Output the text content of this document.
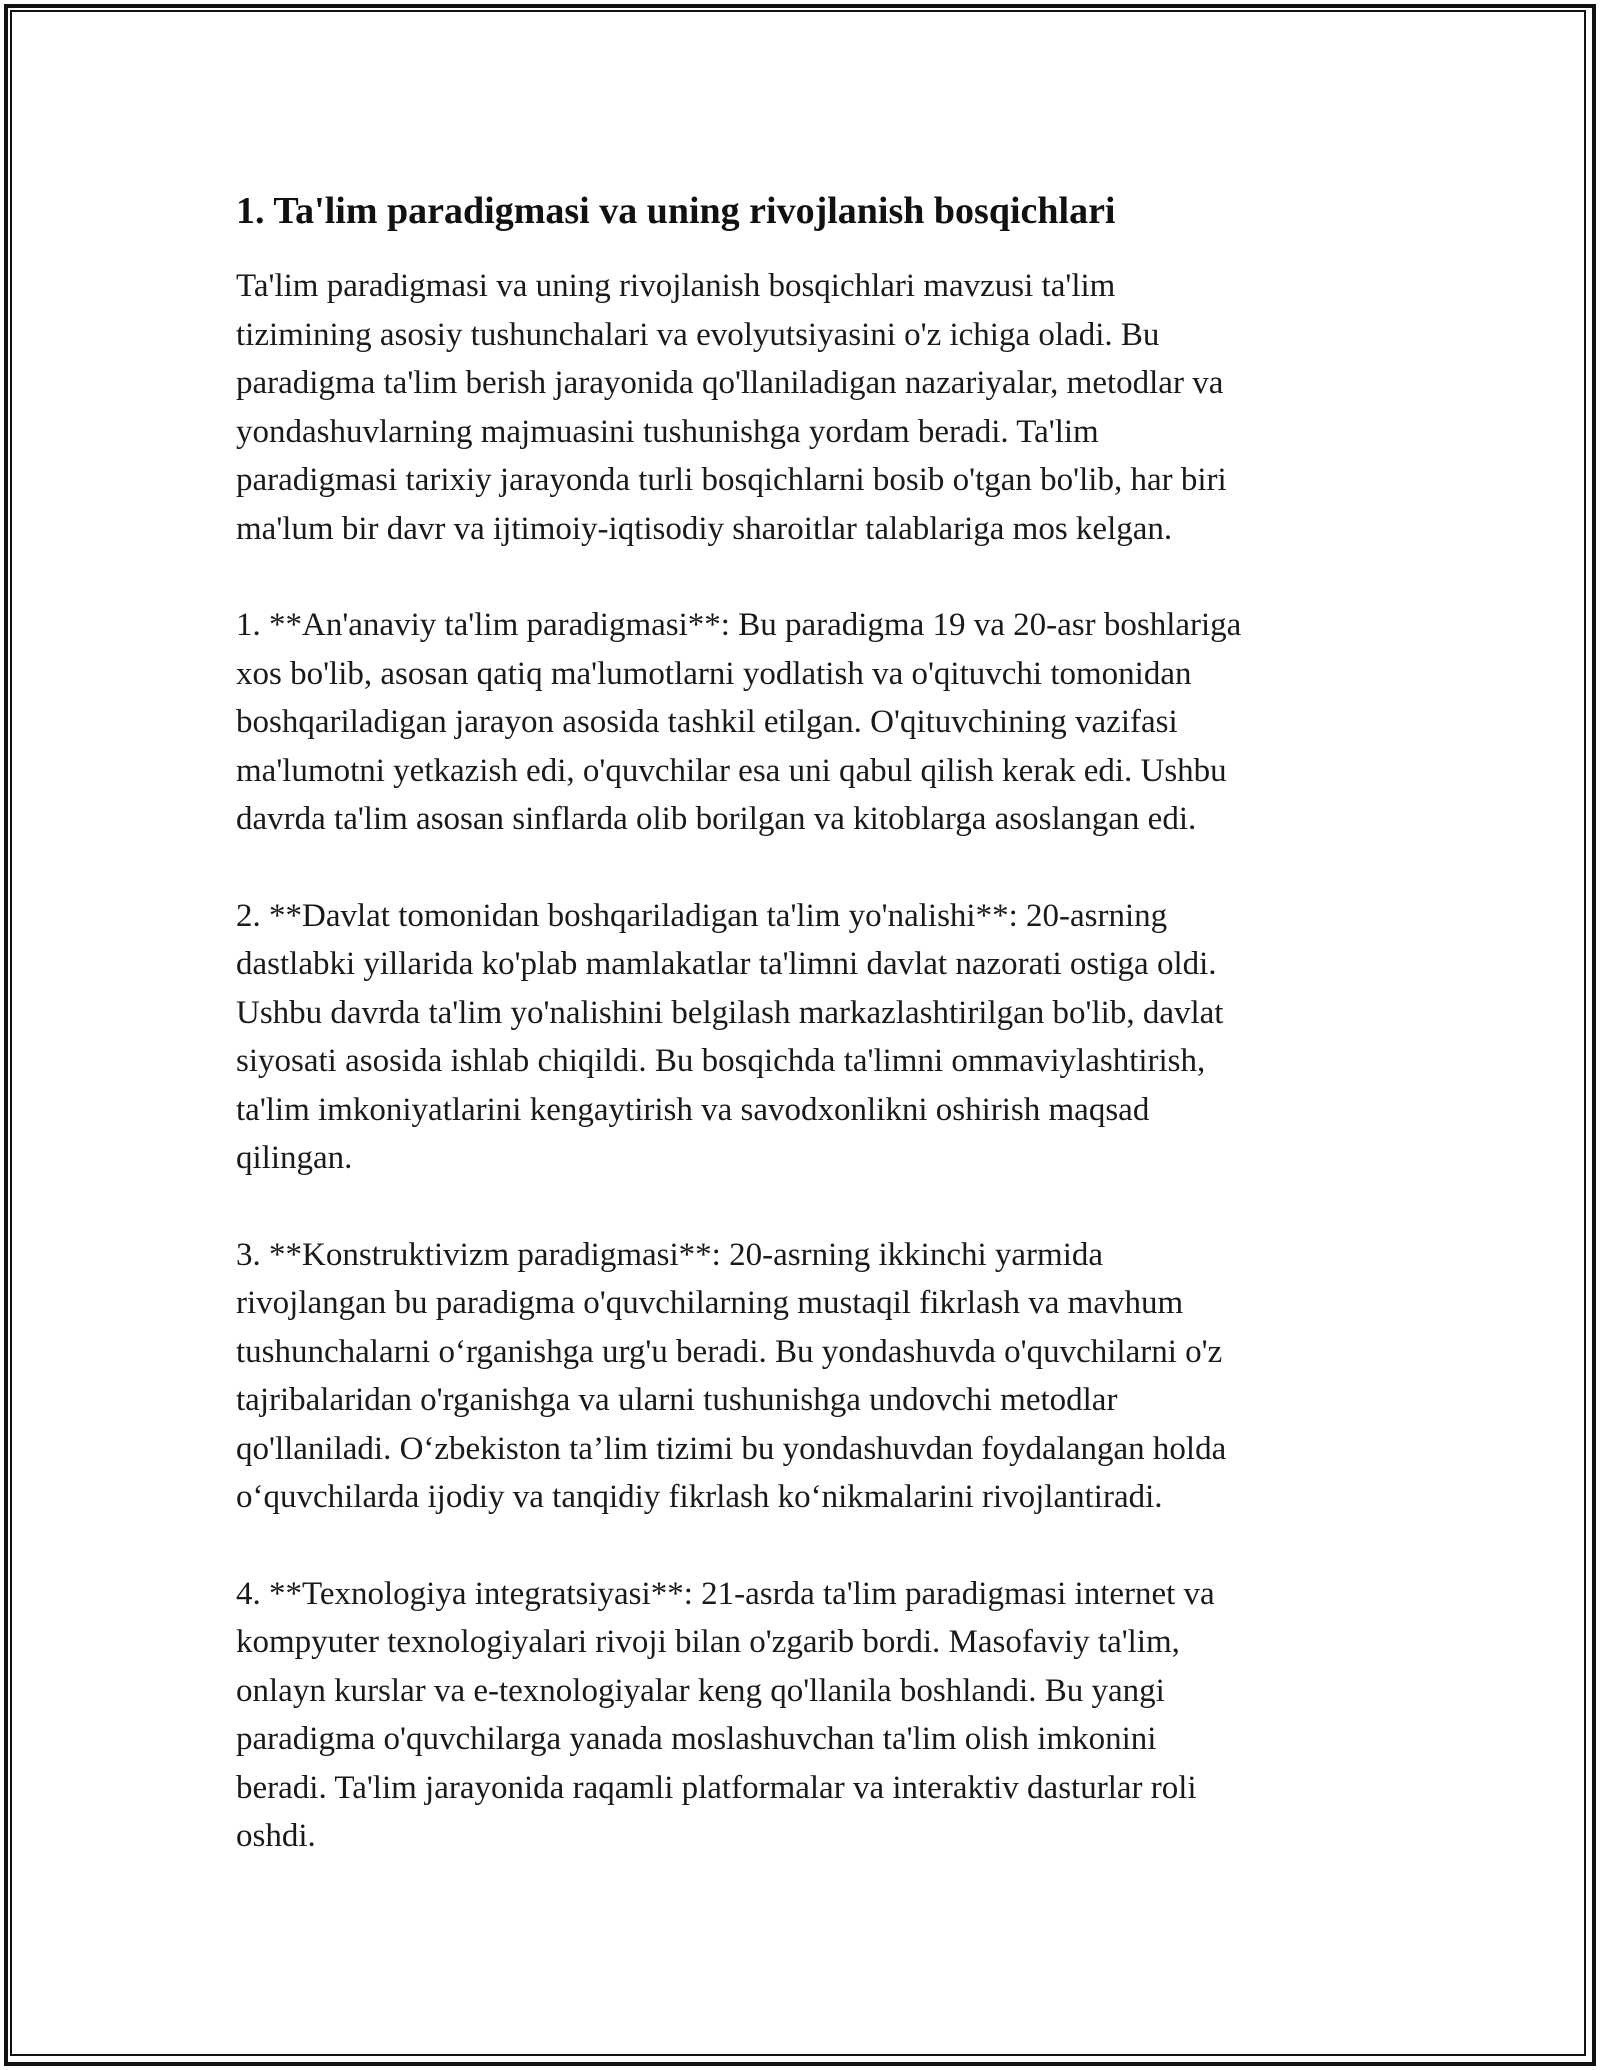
1. Ta'lim paradigmasi va uning rivojlanish bosqichlari

Ta'lim paradigmasi va uning rivojlanish bosqichlari mavzusi ta'lim
tizimining asosiy tushunchalari va evolyutsiyasini o'z ichiga oladi. Bu
paradigma ta'lim berish jarayonida qo'llaniladigan nazariyalar, metodlar va
yondashuvlarning majmuasini tushunishga yordam beradi. Ta'lim
paradigmasi tarixiy jarayonda turli bosqichlarni bosib o'tgan bo'lib, har biri
ma'lum bir davr va ijtimoiy-iqtisodiy sharoitlar talablariga mos kelgan.

1. **An'anaviy ta'lim paradigmasi**: Bu paradigma 19 va 20-asr boshlariga
xos bo'lib, asosan qatiq ma'lumotlarni yodlatish va o'qituvchi tomonidan
boshqariladigan jarayon asosida tashkil etilgan. O'qituvchining vazifasi
ma'lumotni yetkazish edi, o'quvchilar esa uni qabul qilish kerak edi. Ushbu
davrda ta'lim asosan sinflarda olib borilgan va kitoblarga asoslangan edi.

2. **Davlat tomonidan boshqariladigan ta'lim yo'nalishi**: 20-asrning
dastlabki yillarida ko'plab mamlakatlar ta'limni davlat nazorati ostiga oldi.
Ushbu davrda ta'lim yo'nalishini belgilash markazlashtirilgan bo'lib, davlat
siyosati asosida ishlab chiqildi. Bu bosqichda ta'limni ommaviylashtirish,
ta'lim imkoniyatlarini kengaytirish va savodxonlikni oshirish maqsad
qilingan.

3. **Konstruktivizm paradigmasi**: 20-asrning ikkinchi yarmida
rivojlangan bu paradigma o'quvchilarning mustaqil fikrlash va mavhum
tushunchalarni o‘rganishga urg'u beradi. Bu yondashuvda o'quvchilarni o'z
tajribalaridan o'rganishga va ularni tushunishga undovchi metodlar
qo'llaniladi. O‘zbekiston ta’lim tizimi bu yondashuvdan foydalangan holda
o‘quvchilarda ijodiy va tanqidiy fikrlash ko‘nikmalarini rivojlantiradi.

4. **Texnologiya integratsiyasi**: 21-asrda ta'lim paradigmasi internet va
kompyuter texnologiyalari rivoji bilan o'zgarib bordi. Masofaviy ta'lim,
onlayn kurslar va e-texnologiyalar keng qo'llanila boshlandi. Bu yangi
paradigma o'quvchilarga yanada moslashuvchan ta'lim olish imkonini
beradi. Ta'lim jarayonida raqamli platformalar va interaktiv dasturlar roli
oshdi.
